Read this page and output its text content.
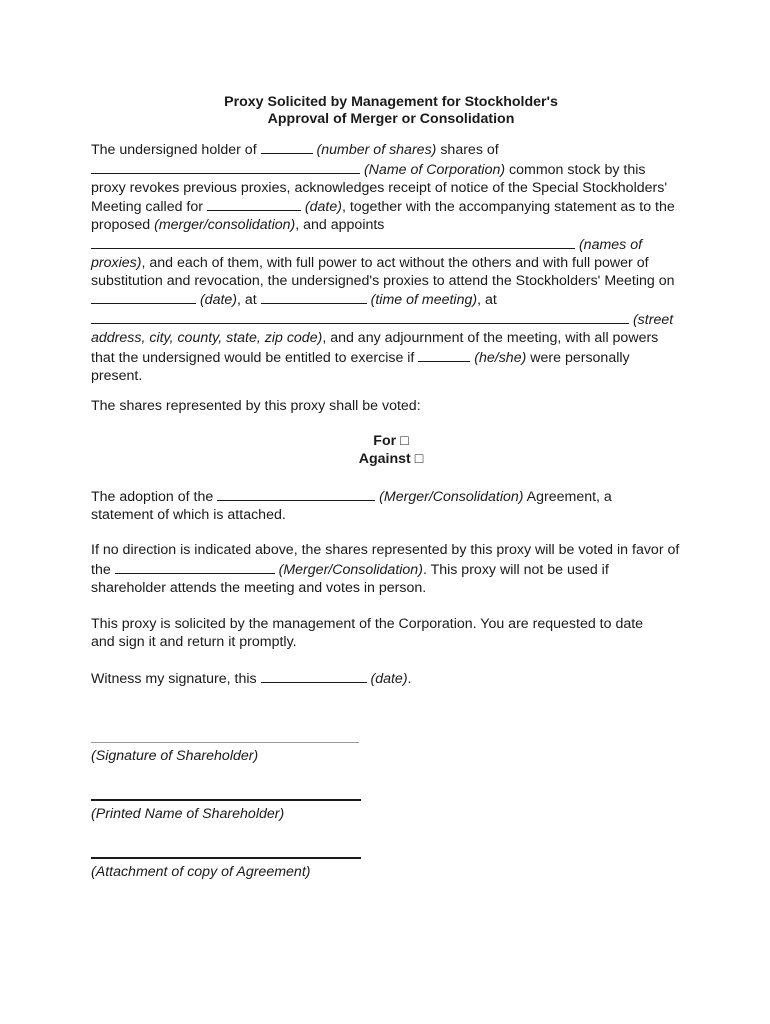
Proxy Solicited by Management for Stockholder's
Approval of Merger or Consolidation

The undersigned holder of	(number of shares) shares of
(Name of Corporation) common stock by this proxy revokes previous proxies, acknowledges receipt of notice of the Special Stockholders' Meeting called for	(date), together with the accompanying statement as to the proposed (merger/consolidation), and appoints
(names of proxies), and each of them, with full power to act without the others and with full power of substitution and revocation, the undersigned's proxies to attend the Stockholders' Meeting on  (date), at	(time of meeting), at
(street address, city, county, state, zip code), and any adjournment of the meeting, with all powers that the undersigned would be entitled to exercise if	(he/she) were personally present.

The shares represented by this proxy shall be voted:

For □
Against □

The adoption of the	(Merger/Consolidation) Agreement, a statement of which is attached.

If no direction is indicated above, the shares represented by this proxy will be voted in favor of the	(Merger/Consolidation). This proxy will not be used if shareholder attends the meeting and votes in person.

This proxy is solicited by the management of the Corporation. You are requested to date and sign it and return it promptly.

Witness my signature, this	(date).

(Signature of Shareholder)
(Printed Name of Shareholder)
(Attachment of copy of Agreement)
